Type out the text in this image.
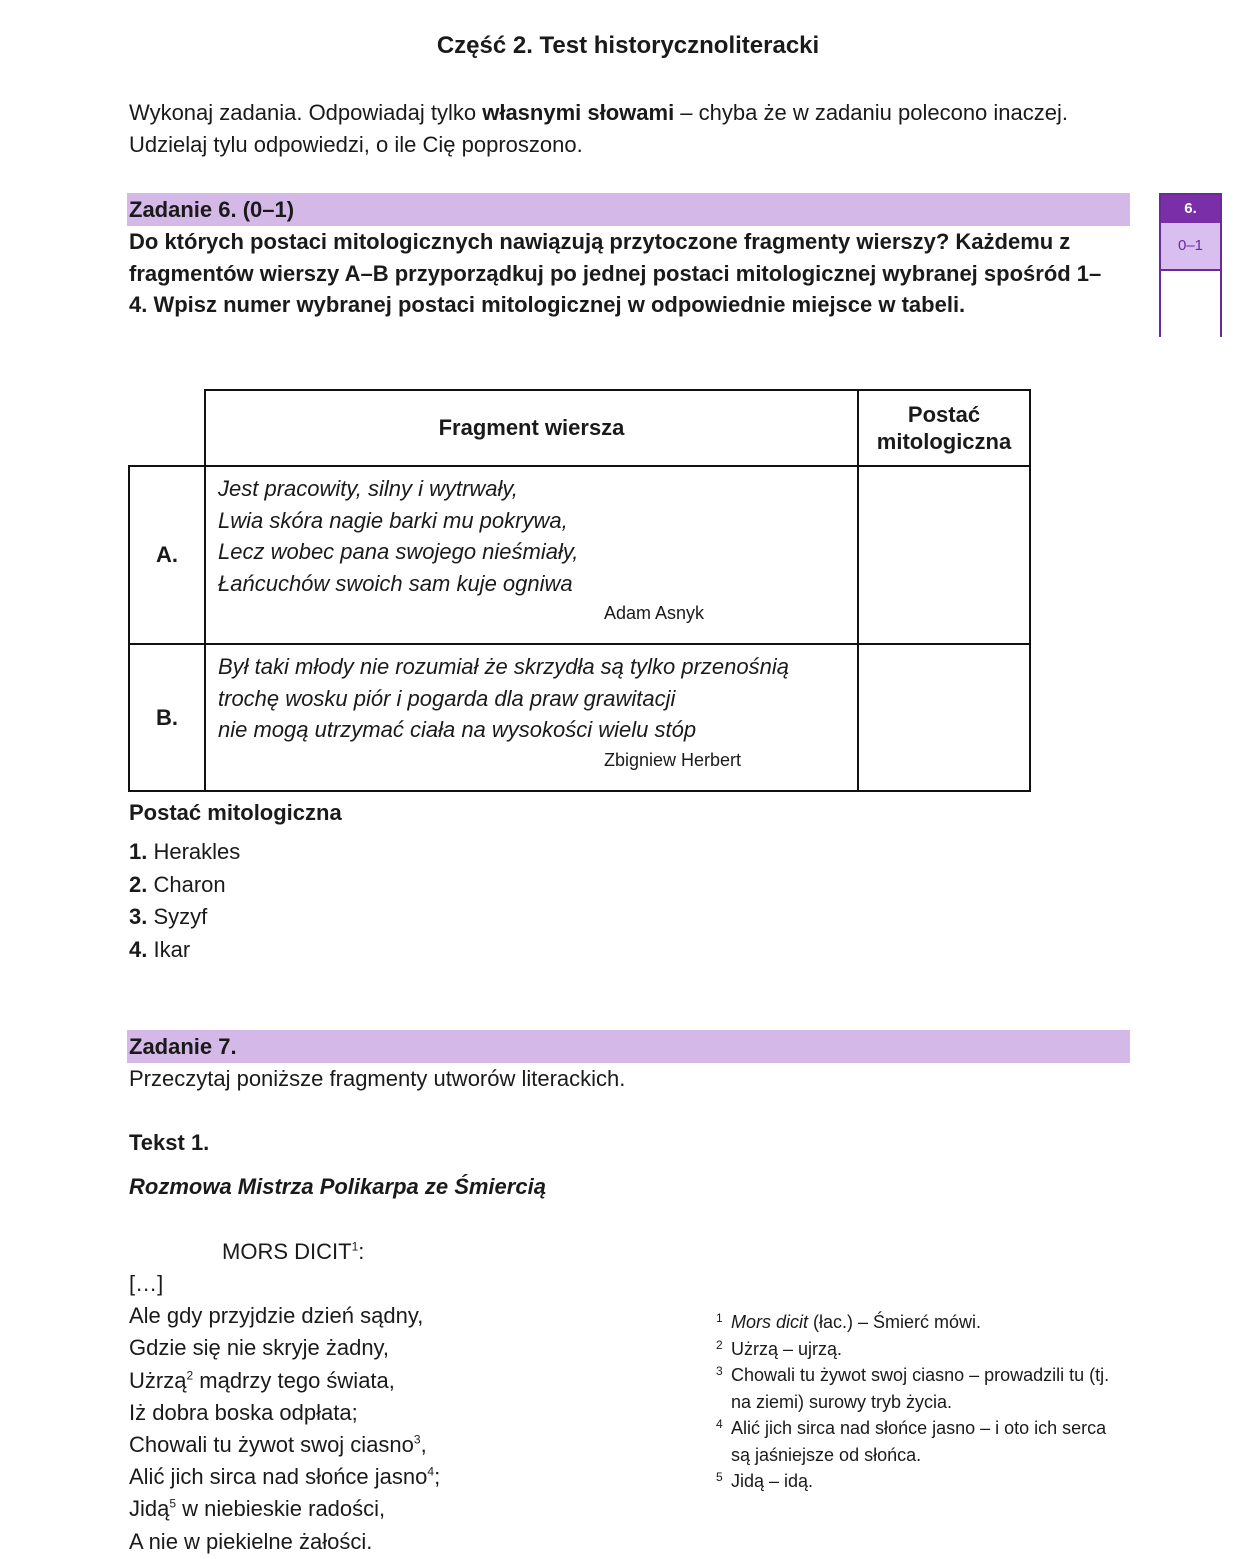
Część 2. Test historycznoliteracki
Wykonaj zadania. Odpowiadaj tylko własnymi słowami – chyba że w zadaniu polecono inaczej. Udzielaj tylu odpowiedzi, o ile Cię poproszono.
Zadanie 6. (0–1)	6.
0–1
Do których postaci mitologicznych nawiązują przytoczone fragmenty wierszy? Każdemu z fragmentów wierszy A–B przyporządkuj po jednej postaci mitologicznej wybranej spośród 1–4. Wpisz numer wybranej postaci mitologicznej w odpowiednie miejsce w tabeli.
	Fragment wiersza	Postać
mitologiczna

A.	Jest pracowity, silny i wytrwały,
Lwia skóra nagie barki mu pokrywa,
Lecz wobec pana swojego nieśmiały,
Łańcuchów swoich sam kuje ogniwa
Adam Asnyk	

B.	Był taki młody nie rozumiał że skrzydła są tylko przenośnią
trochę wosku piór i pogarda dla praw grawitacji
nie mogą utrzymać ciała na wysokości wielu stóp
Zbigniew Herbert	

Postać mitologiczna
1. Herakles
2. Charon
3. Syzyf
4. Ikar
Zadanie 7.
Przeczytaj poniższe fragmenty utworów literackich.
Tekst 1.
Rozmowa Mistrza Polikarpa ze Śmiercią
MORS DICIT$^1$:
[…]
Ale gdy przyjdzie dzień sądny,
Gdzie się nie skryje żadny,
Użrzą$^2$ mądrzy tego świata,
Iż dobra boska odpłata;
Chowali tu żywot swoj ciasno$^3$,
Alić jich sirca nad słońce jasno$^4$;
Jidą$^5$ w niebieskie radości,
A nie w piekielne żałości.
1 Mors dicit (łac.) – Śmierć mówi.
2 Użrzą – ujrzą.
3 Chowali tu żywot swoj ciasno – prowadzili tu (tj. na ziemi) surowy tryb życia.
4 Alić jich sirca nad słońce jasno – i oto ich serca są jaśniejsze od słońca.
5 Jidą – idą.
